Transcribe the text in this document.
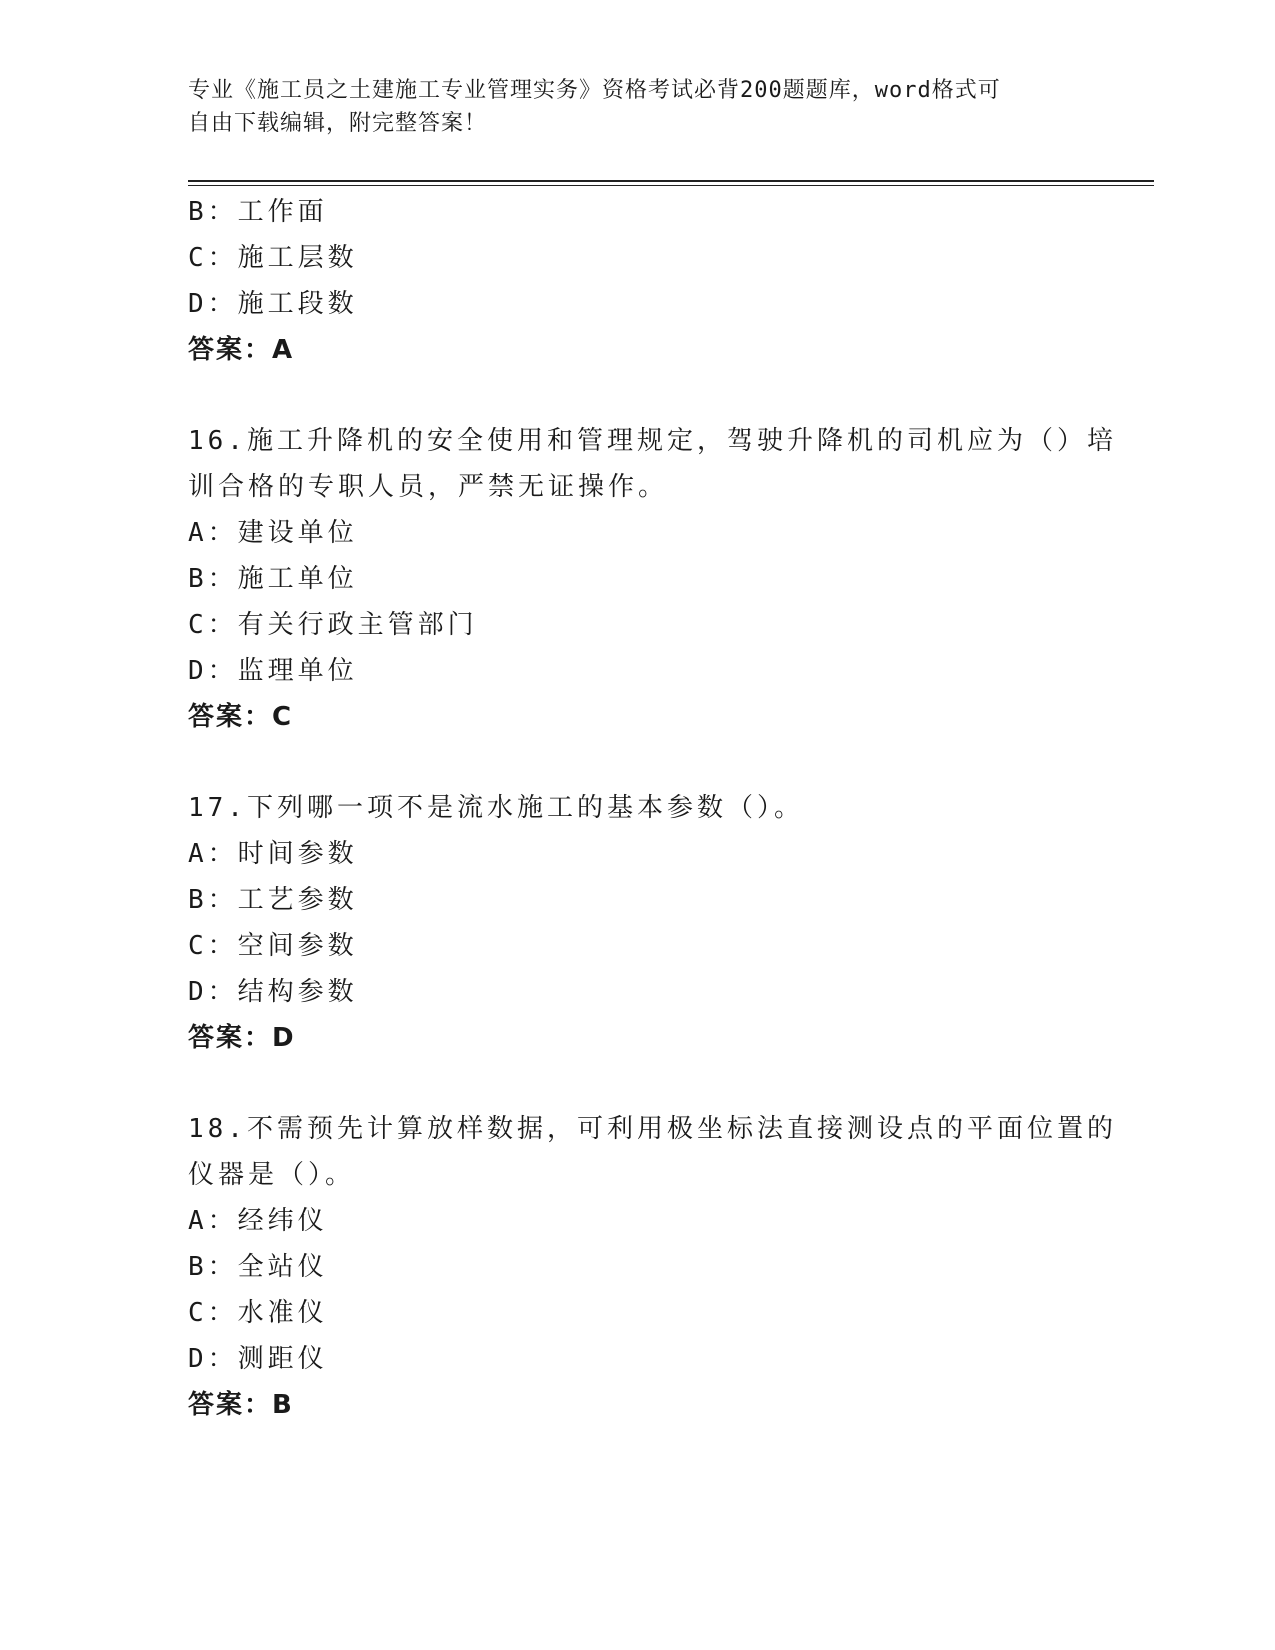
专业《施工员之土建施工专业管理实务》资格考试必背200题题库，word格式可
自由下载编辑，附完整答案！
B：工作面
C：施工层数
D：施工段数
答案：A
16.施工升降机的安全使用和管理规定，驾驶升降机的司机应为（）培
训合格的专职人员，严禁无证操作。
A：建设单位
B：施工单位
C：有关行政主管部门
D：监理单位
答案：C
17.下列哪一项不是流水施工的基本参数（）。
A：时间参数
B：工艺参数
C：空间参数
D：结构参数
答案：D
18.不需预先计算放样数据，可利用极坐标法直接测设点的平面位置的
仪器是（）。
A：经纬仪
B：全站仪
C：水准仪
D：测距仪
答案：B
